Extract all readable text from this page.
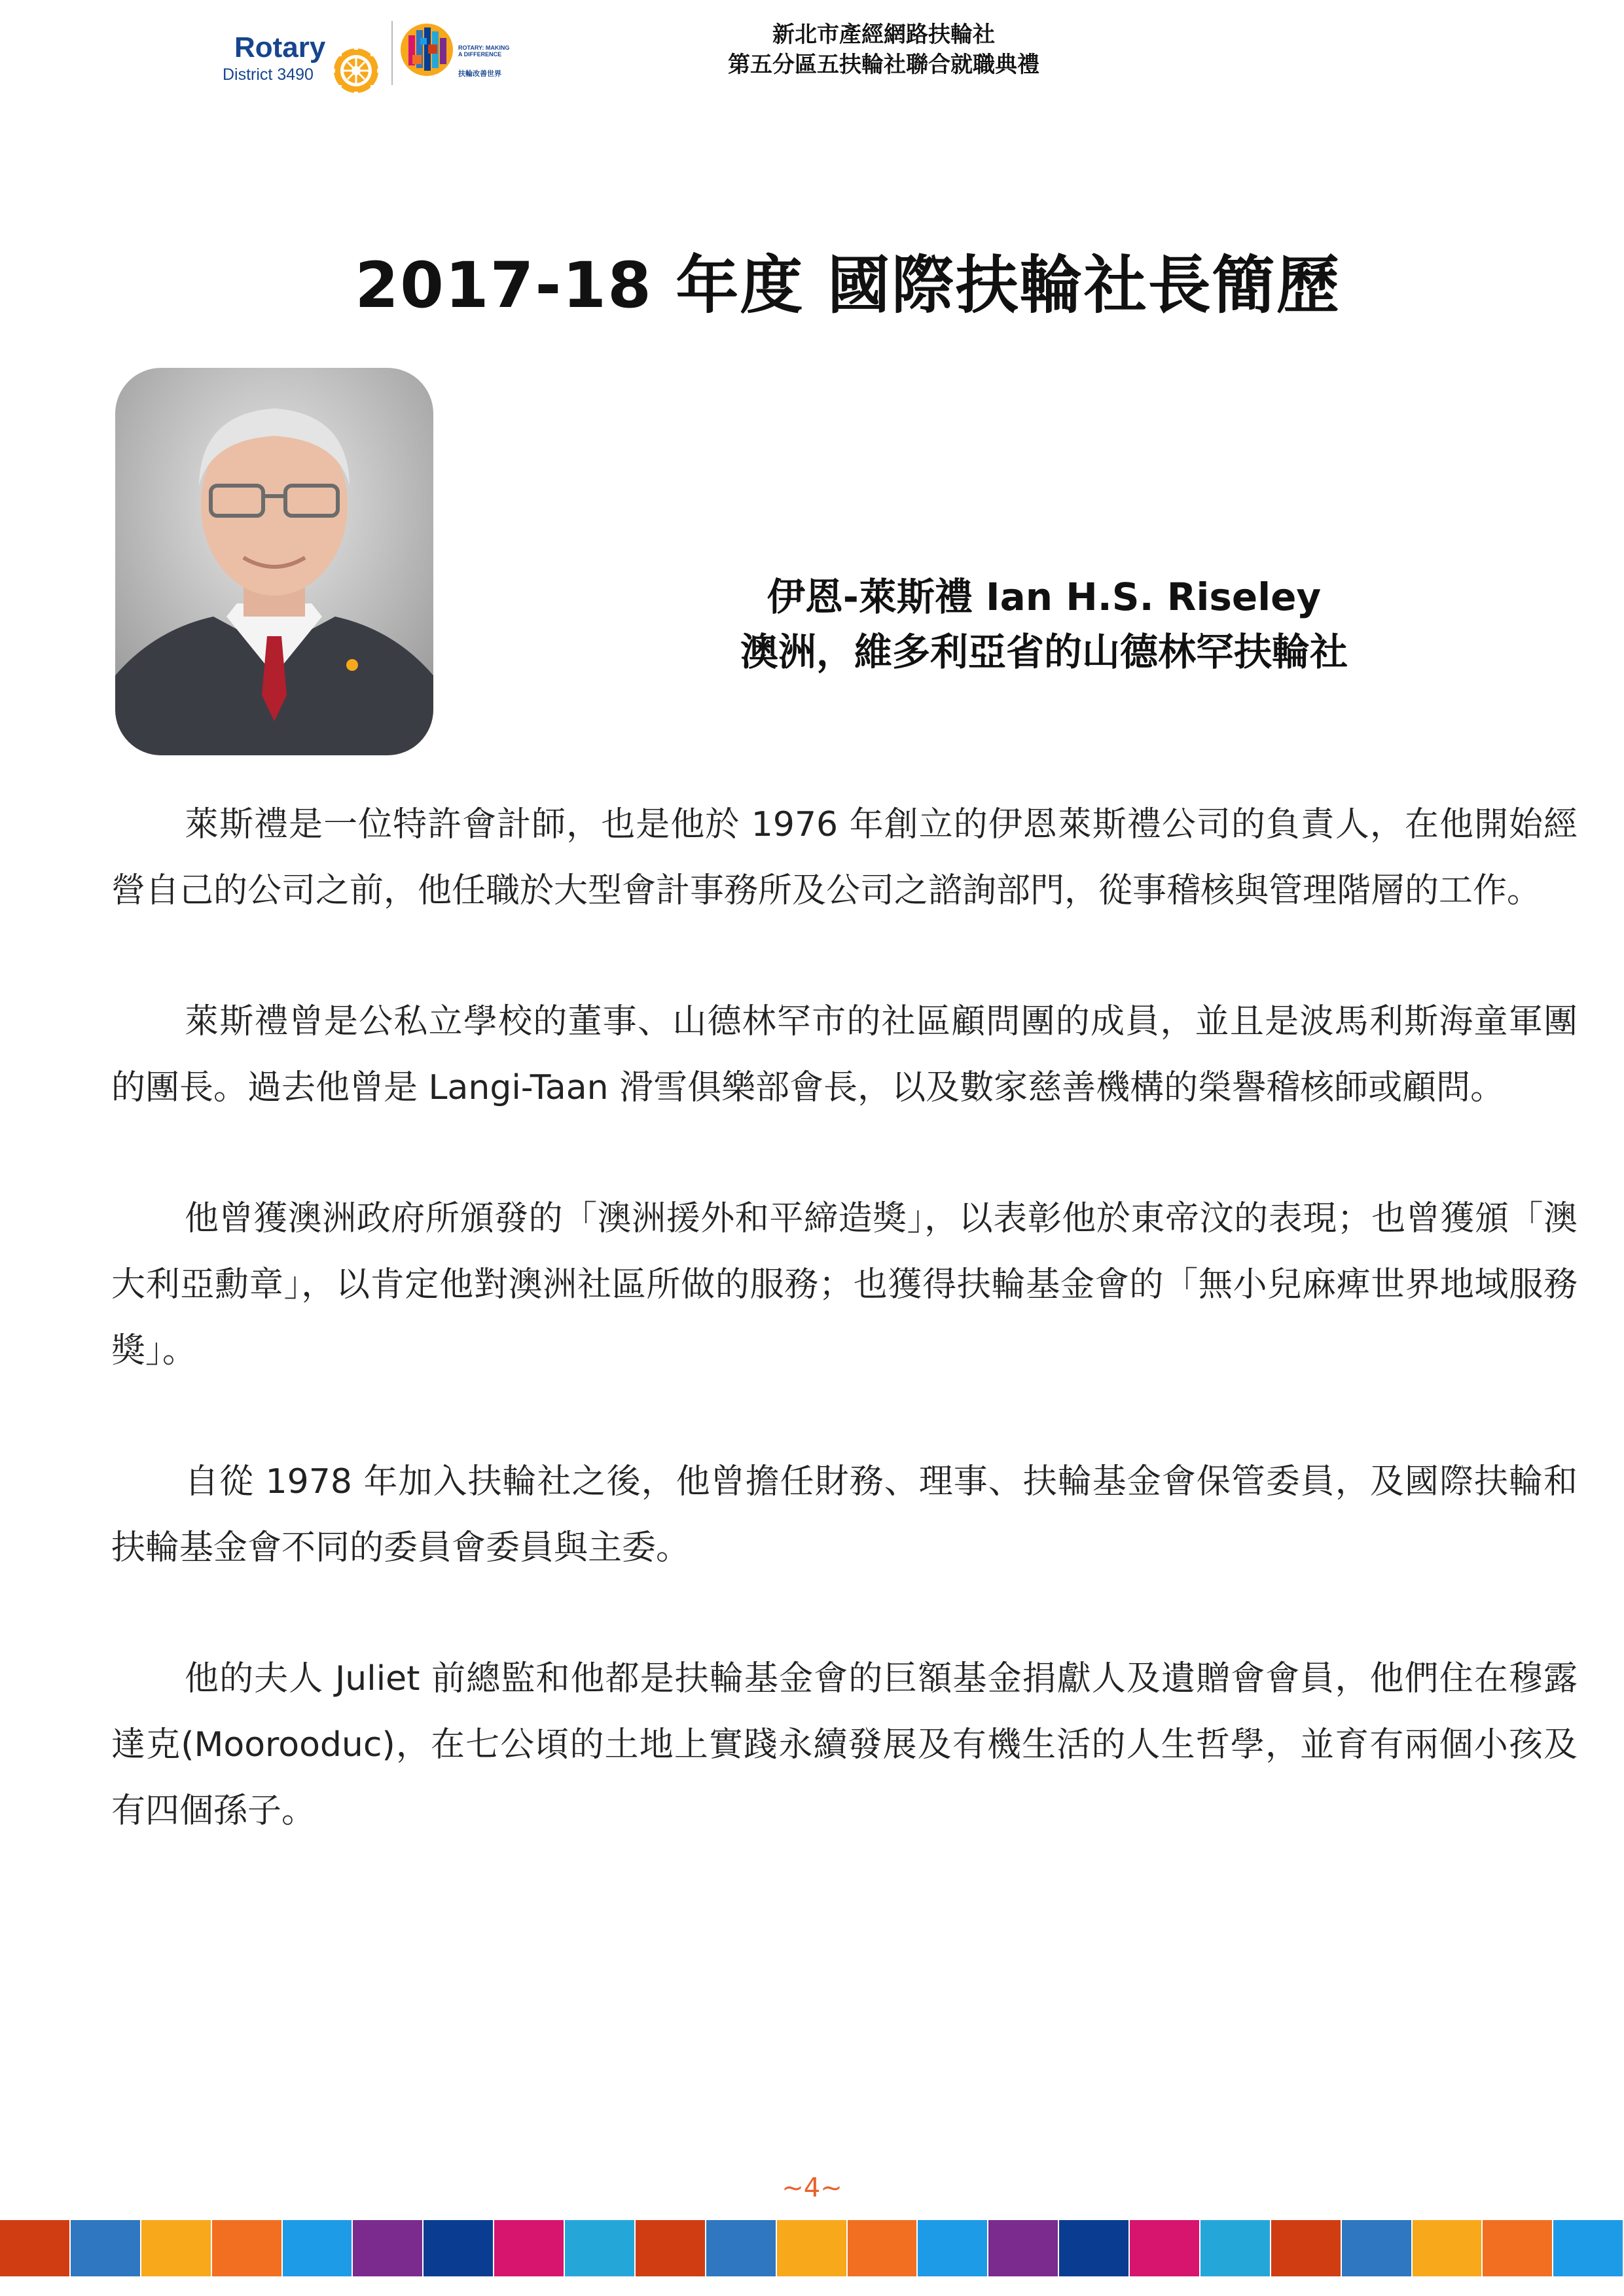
Rotary
District 3490
ROTARY: MAKING A DIFFERENCE
扶輪改善世界
新北市產經網路扶輪社
第五分區五扶輪社聯合就職典禮
2017-18 年度 國際扶輪社長簡歷
伊恩-萊斯禮 Ian H.S. Riseley
澳洲，維多利亞省的山德林罕扶輪社

萊斯禮是一位特許會計師，也是他於 1976 年創立的伊恩萊斯禮公司的負責人，在他開始經營自己的公司之前，他任職於大型會計事務所及公司之諮詢部門，從事稽核與管理階層的工作。

萊斯禮曾是公私立學校的董事、山德林罕市的社區顧問團的成員，並且是波馬利斯海童軍團的團長。過去他曾是 Langi-Taan 滑雪俱樂部會長，以及數家慈善機構的榮譽稽核師或顧問。

他曾獲澳洲政府所頒發的「澳洲援外和平締造獎」，以表彰他於東帝汶的表現；也曾獲頒「澳大利亞勳章」，以肯定他對澳洲社區所做的服務；也獲得扶輪基金會的「無小兒麻痺世界地域服務獎」。

自從 1978 年加入扶輪社之後，他曾擔任財務、理事、扶輪基金會保管委員，及國際扶輪和扶輪基金會不同的委員會委員與主委。

他的夫人 Juliet 前總監和他都是扶輪基金會的巨額基金捐獻人及遺贈會會員，他們住在穆露達克(Moorooduc)，在七公頃的土地上實踐永續發展及有機生活的人生哲學，並育有兩個小孩及有四個孫子。

~4~
